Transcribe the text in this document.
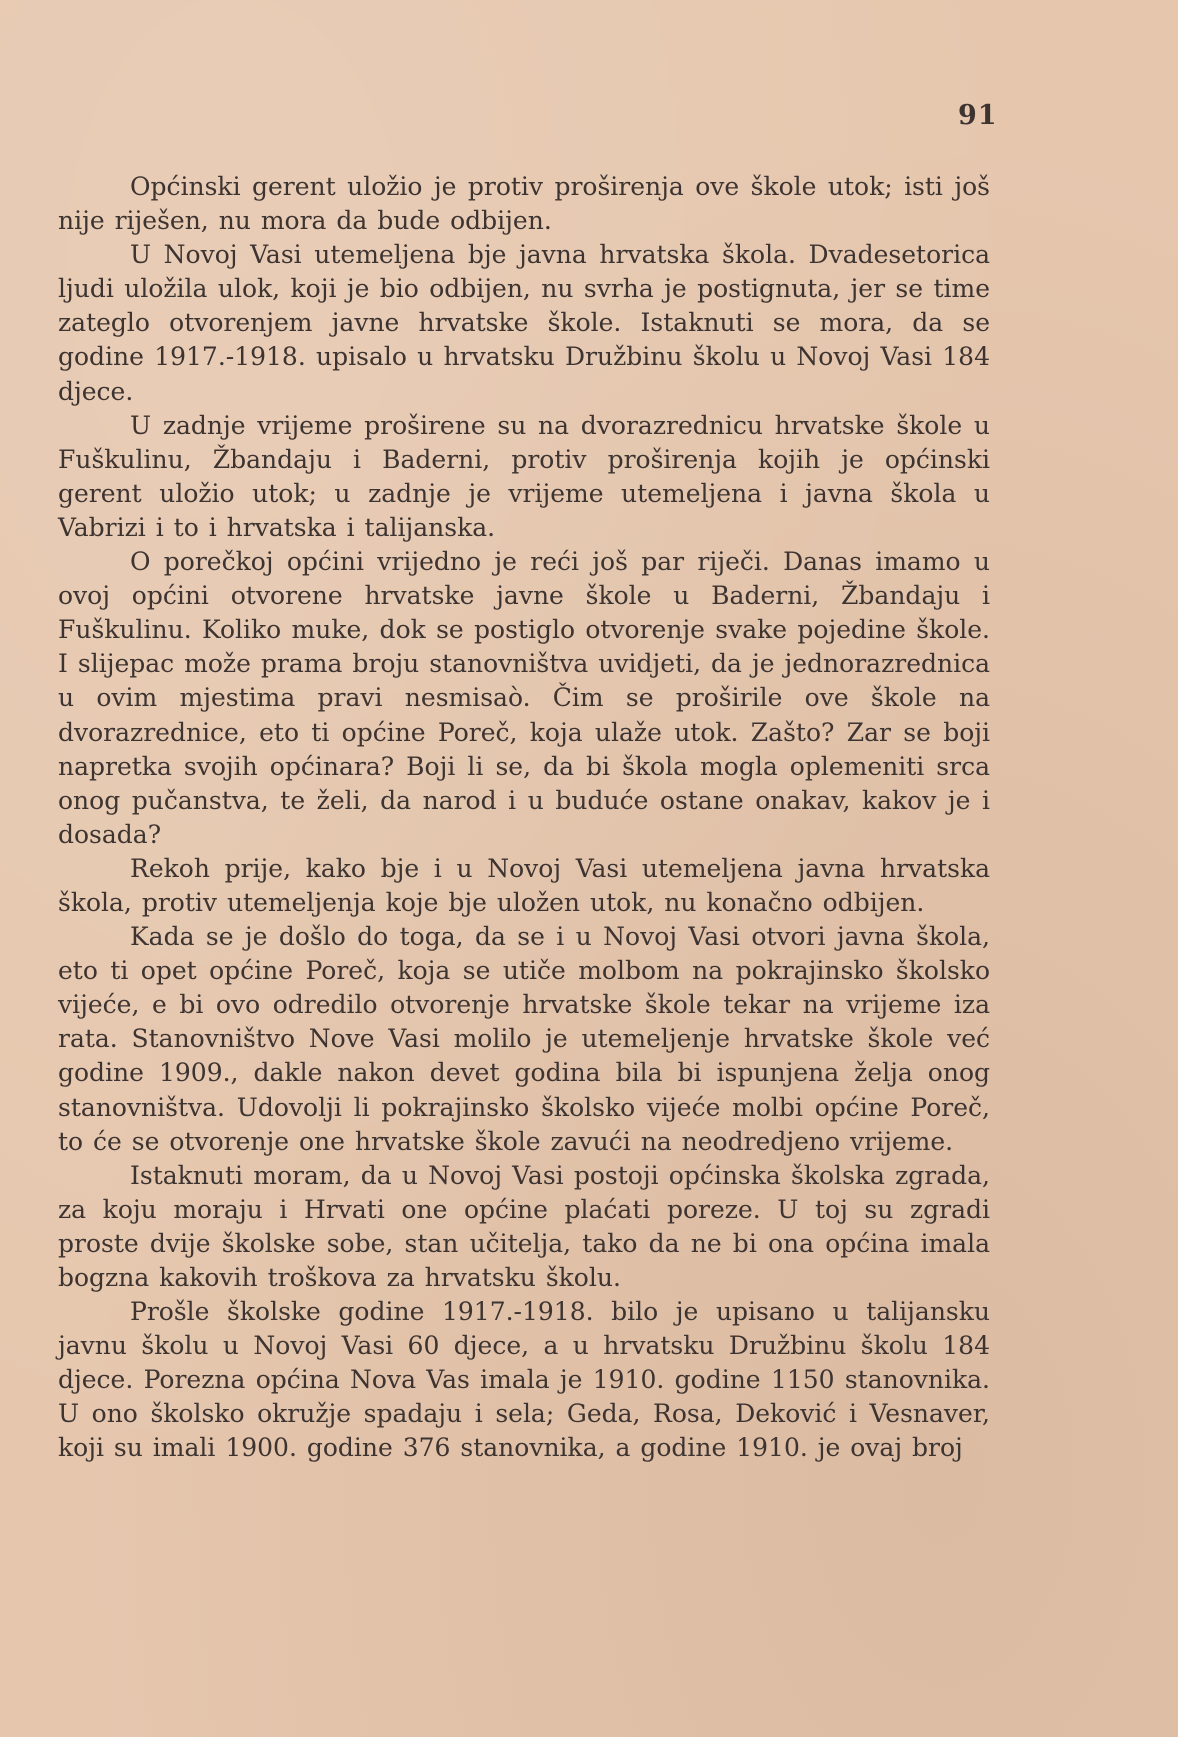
91

Općinski gerent uložio je protiv proširenja ove škole utok; isti još nije riješen, nu mora da bude odbijen.

U Novoj Vasi utemeljena bje javna hrvatska škola. Dvadesetorica ljudi uložila ulok, koji je bio odbijen, nu svrha je postignuta, jer se time zateglo otvorenjem javne hrvatske škole. Istaknuti se mora, da se godine 1917.-1918. upisalo u hrvatsku Družbinu školu u Novoj Vasi 184 djece.

U zadnje vrijeme proširene su na dvorazrednicu hrvatske škole u Fuškulinu, Žbandaju i Baderni, protiv proširenja kojih je općinski gerent uložio utok; u zadnje je vrijeme utemeljena i javna škola u Vabrizi i to i hrvatska i talijanska.

O porečkoj općini vrijedno je reći još par riječi. Danas imamo u ovoj općini otvorene hrvatske javne škole u Baderni, Žbandaju i Fuškulinu. Koliko muke, dok se postiglo otvorenje svake pojedine škole. I slijepac može prama broju stanovništva uvidjeti, da je jednorazrednica u ovim mjestima pravi nesmisaò. Čim se proširile ove škole na dvorazrednice, eto ti općine Poreč, koja ulaže utok. Zašto? Zar se boji napretka svojih općinara? Boji li se, da bi škola mogla oplemeniti srca onog pučanstva, te želi, da narod i u buduće ostane onakav, kakov je i dosada?

Rekoh prije, kako bje i u Novoj Vasi utemeljena javna hrvatska škola, protiv utemeljenja koje bje uložen utok, nu konačno odbijen.

Kada se je došlo do toga, da se i u Novoj Vasi otvori javna škola, eto ti opet općine Poreč, koja se utiče molbom na pokrajinsko školsko vijeće, e bi ovo odredilo otvorenje hrvatske škole tekar na vrijeme iza rata. Stanovništvo Nove Vasi molilo je utemeljenje hrvatske škole već godine 1909., dakle nakon devet godina bila bi ispunjena želja onog stanovništva. Udovolji li pokrajinsko školsko vijeće molbi općine Poreč, to će se otvorenje one hrvatske škole zavući na neodredjeno vrijeme.

Istaknuti moram, da u Novoj Vasi postoji općinska školska zgrada, za koju moraju i Hrvati one općine plaćati poreze. U toj su zgradi proste dvije školske sobe, stan učitelja, tako da ne bi ona općina imala bogzna kakovih troškova za hrvatsku školu.

Prošle školske godine 1917.-1918. bilo je upisano u talijansku javnu školu u Novoj Vasi 60 djece, a u hrvatsku Družbinu školu 184 djece. Porezna općina Nova Vas imala je 1910. godine 1150 stanovnika. U ono školsko okružje spadaju i sela; Geda, Rosa, Deković i Vesnaver, koji su imali 1900. godine 376 stanovnika, a godine 1910. je ovaj broj
